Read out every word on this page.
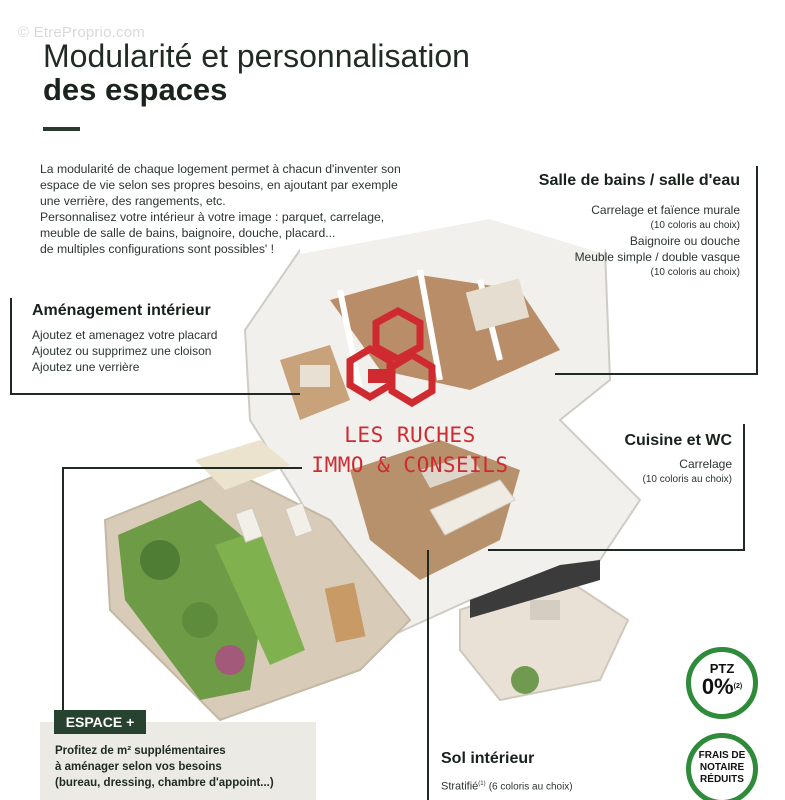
© EtreProprio.com
Modularité et personnalisation
des espaces

La modularité de chaque logement permet à chacun d'inventer son

espace de vie selon ses propres besoins, en ajoutant par exemple

une verrière, des rangements, etc.

Personnalisez votre intérieur à votre image : parquet, carrelage,

meuble de salle de bains, baignoire, douche, placard...

de multiples configurations sont possibles' !

Salle de bains / salle d'eau
Carrelage et faïence murale
(10 coloris au choix)
Baignoire ou douche
Meuble simple / double vasque
(10 coloris au choix)
Aménagement intérieur
Ajoutez et amenagez votre placard
Ajoutez ou supprimez une cloison
Ajoutez une verrière
Cuisine et WC
Carrelage
(10 coloris au choix)
LES RUCHES
IMMO & CONSEILS
ESPACE +
Profitez de m² supplémentaires
à aménager selon vos besoins
(bureau, dressing, chambre d'appoint...)
Sol intérieur
Stratifié$^{(1)}$ (6 coloris au choix)
PTZ
0%$^{(2)}$
FRAIS DE
NOTAIRE
RÉDUITS
